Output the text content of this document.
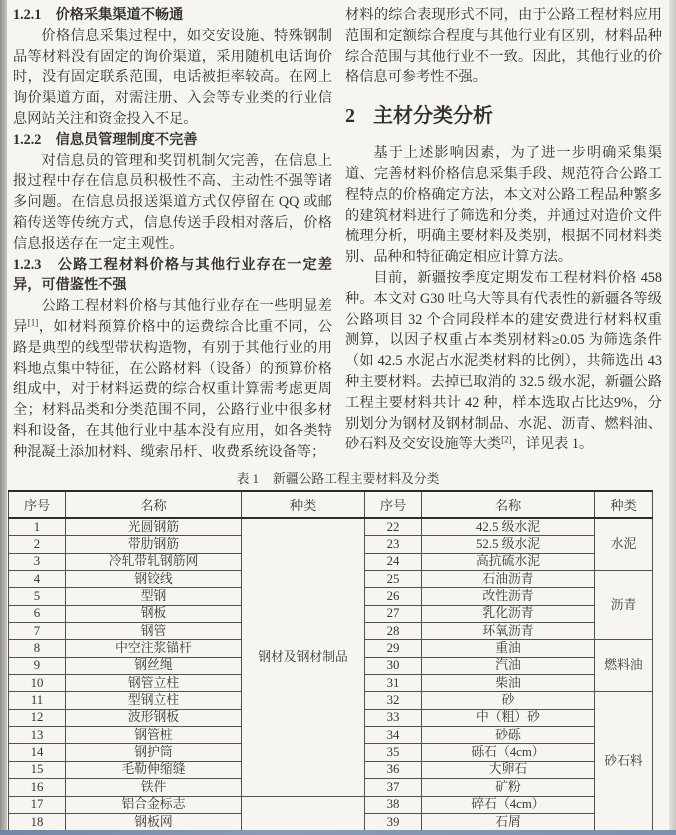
1.2.1　价格采集渠道不畅通

价格信息采集过程中，如交安设施、特殊钢制品等材料没有固定的询价渠道，采用随机电话询价时，没有固定联系范围，电话被拒率较高。在网上询价渠道方面，对需注册、入会等专业类的行业信息网站关注和资金投入不足。

1.2.2　信息员管理制度不完善

对信息员的管理和奖罚机制欠完善，在信息上报过程中存在信息员积极性不高、主动性不强等诸多问题。在信息员报送渠道方式仅停留在 QQ 或邮箱传送等传统方式，信息传送手段相对落后，价格信息报送存在一定主观性。

1.2.3　公路工程材料价格与其他行业存在一定差异，可借鉴性不强

公路工程材料价格与其他行业存在一些明显差异[1]，如材料预算价格中的运费综合比重不同，公路是典型的线型带状构造物，有别于其他行业的用料地点集中特征，在公路材料（设备）的预算价格组成中，对于材料运费的综合权重计算需考虑更周全；材料品类和分类范围不同，公路行业中很多材料和设备，在其他行业中基本没有应用，如各类特种混凝土添加材料、缆索吊杆、收费系统设备等；

材料的综合表现形式不同，由于公路工程材料应用范围和定额综合程度与其他行业有区别，材料品种综合范围与其他行业不一致。因此，其他行业的价格信息可参考性不强。

2 主材分类分析

基于上述影响因素，为了进一步明确采集渠道、完善材料价格信息采集手段、规范符合公路工程特点的价格确定方法，本文对公路工程品种繁多的建筑材料进行了筛选和分类，并通过对造价文件梳理分析，明确主要材料及类别，根据不同材料类别、品种和特征确定相应计算方法。

目前，新疆按季度定期发布工程材料价格 458 种。本文对 G30 吐乌大等具有代表性的新疆各等级公路项目 32 个合同段样本的建安费进行材料权重测算，以因子权重占本类别材料≥0.05 为筛选条件（如 42.5 水泥占水泥类材料的比例），共筛选出 43 种主要材料。去掉已取消的 32.5 级水泥，新疆公路工程主要材料共计 42 种，样本选取占比达9%，分别划分为钢材及钢材制品、水泥、沥青、燃料油、砂石料及交安设施等大类[2]，详见表 1。

表 1 新疆公路工程主要材料及分类
序号	名称	种类	序号	名称	种类
1	光圆钢筋	钢材及钢材制品	22	42.5 级水泥	水泥
2	带肋钢筋		23	52.5 级水泥	
3	冷轧带轧钢筋网		24	高抗硫水泥	
4	钢铰线		25	石油沥青	沥青
5	型钢		26	改性沥青	
6	钢板		27	乳化沥青	
7	钢管		28	环氧沥青	
8	中空注浆锚杆		29	重油	燃料油
9	钢丝绳		30	汽油	
10	钢管立柱		31	柴油	
11	型钢立柱		32	砂	砂石料
12	波形钢板		33	中（粗）砂	
13	钢管桩		34	砂砾	
14	钢护筒		35	砾石（4cm）	
15	毛勒伸缩缝		36	大卵石	
16	铁件		37	矿粉	
17	铝合金标志		38	碎石（4cm）	
18	钢板网		39	石屑	
